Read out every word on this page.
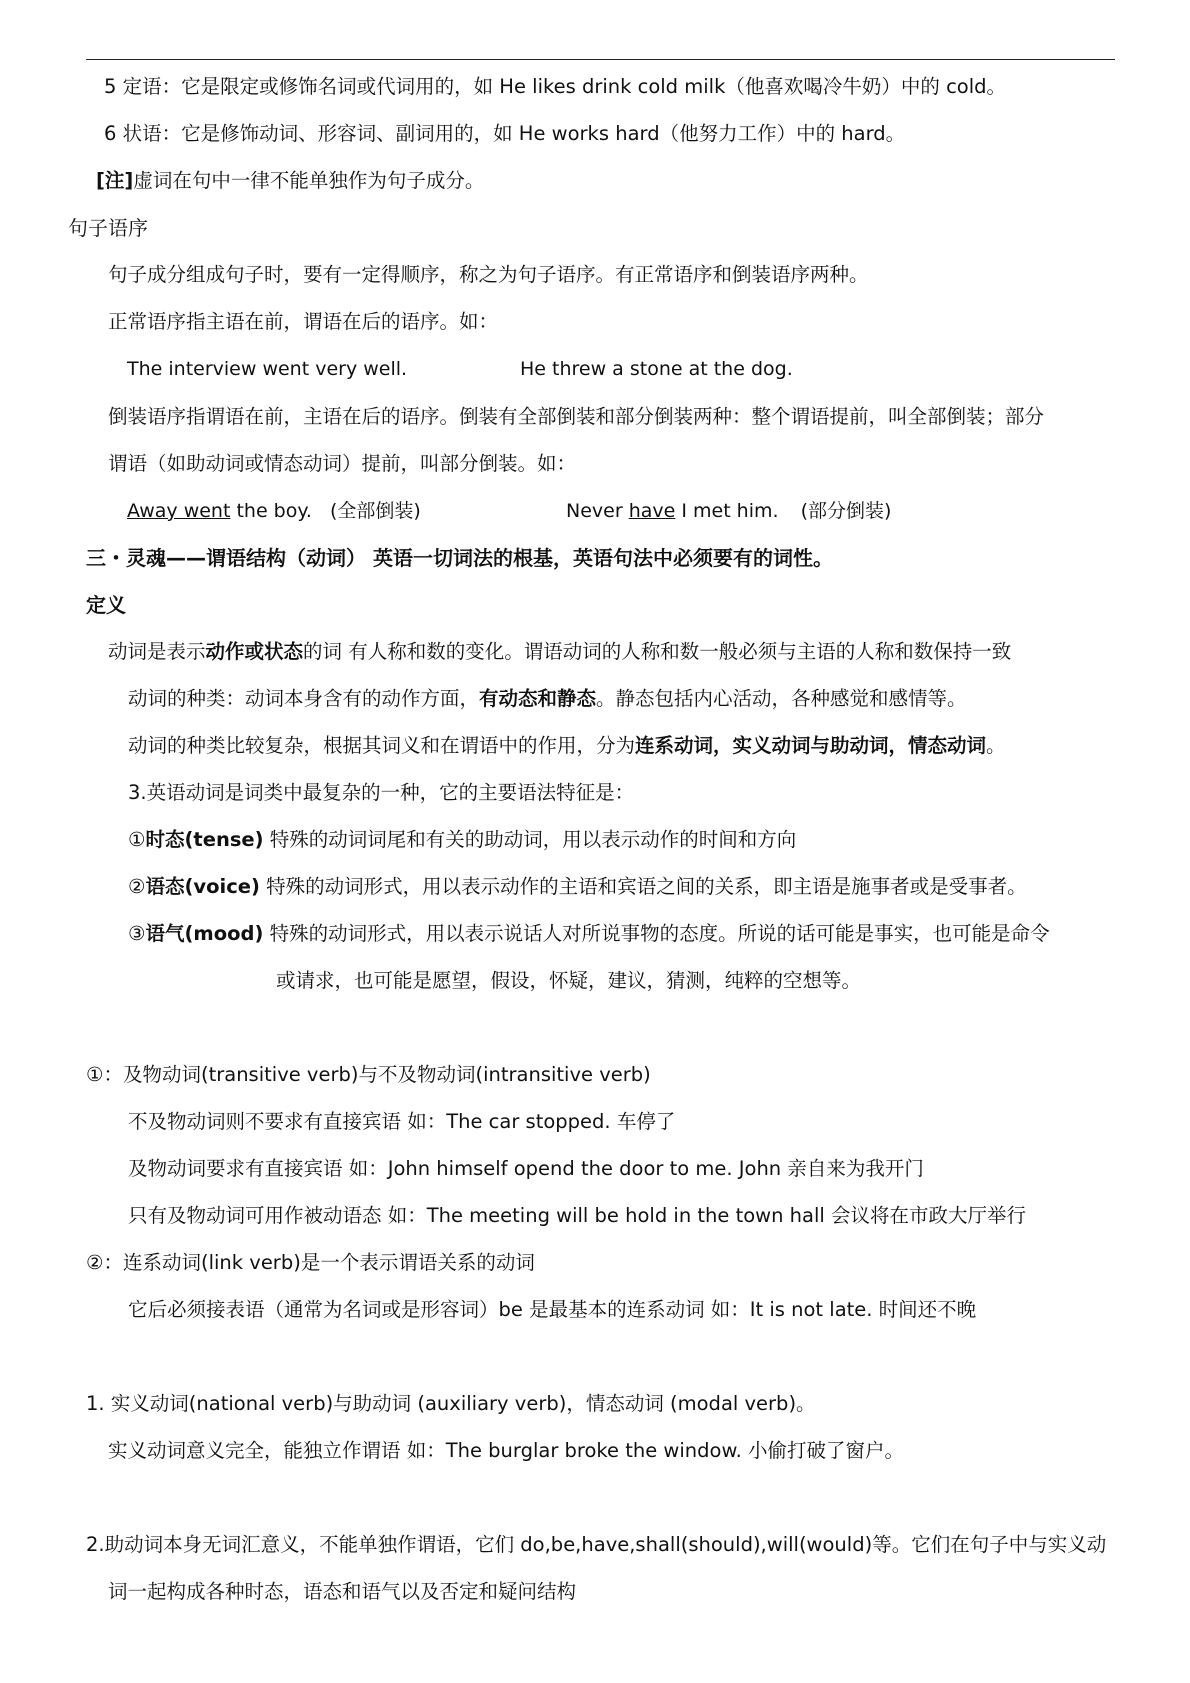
5 定语：它是限定或修饰名词或代词用的，如 He likes drink cold milk（他喜欢喝冷牛奶）中的 cold。
6 状语：它是修饰动词、形容词、副词用的，如 He works hard（他努力工作）中的 hard。
[注]虚词在句中一律不能单独作为句子成分。
句子语序
句子成分组成句子时，要有一定得顺序，称之为句子语序。有正常语序和倒装语序两种。
正常语序指主语在前，谓语在后的语序。如：
The interview went very well.	He threw a stone at the dog.
倒装语序指谓语在前，主语在后的语序。倒装有全部倒装和部分倒装两种：整个谓语提前，叫全部倒装；部分
谓语（如助动词或情态动词）提前，叫部分倒装。如：
Away went the boy. (全部倒装)	Never have I met him. (部分倒装)
三・灵魂——谓语结构（动词） 英语一切词法的根基，英语句法中必须要有的词性。
定义
动词是表示动作或状态的词 有人称和数的变化。谓语动词的人称和数一般必须与主语的人称和数保持一致
动词的种类：动词本身含有的动作方面，有动态和静态。静态包括内心活动，各种感觉和感情等。
动词的种类比较复杂，根据其词义和在谓语中的作用，分为连系动词，实义动词与助动词，情态动词。
3.英语动词是词类中最复杂的一种，它的主要语法特征是：
①时态(tense) 特殊的动词词尾和有关的助动词，用以表示动作的时间和方向
②语态(voice) 特殊的动词形式，用以表示动作的主语和宾语之间的关系，即主语是施事者或是受事者。
③语气(mood) 特殊的动词形式，用以表示说话人对所说事物的态度。所说的话可能是事实，也可能是命令
或请求，也可能是愿望，假设，怀疑，建议，猜测，纯粹的空想等。
①：及物动词(transitive verb)与不及物动词(intransitive verb)
不及物动词则不要求有直接宾语 如：The car stopped. 车停了
及物动词要求有直接宾语 如：John himself opend the door to me. John 亲自来为我开门
只有及物动词可用作被动语态 如：The meeting will be hold in the town hall 会议将在市政大厅举行
②：连系动词(link verb)是一个表示谓语关系的动词
它后必须接表语（通常为名词或是形容词）be 是最基本的连系动词 如：It is not late. 时间还不晚
1. 实义动词(national verb)与助动词 (auxiliary verb)，情态动词 (modal verb)。
实义动词意义完全，能独立作谓语 如：The burglar broke the window. 小偷打破了窗户。
2.助动词本身无词汇意义，不能单独作谓语，它们 do,be,have,shall(should),will(would)等。它们在句子中与实义动
词一起构成各种时态，语态和语气以及否定和疑问结构
